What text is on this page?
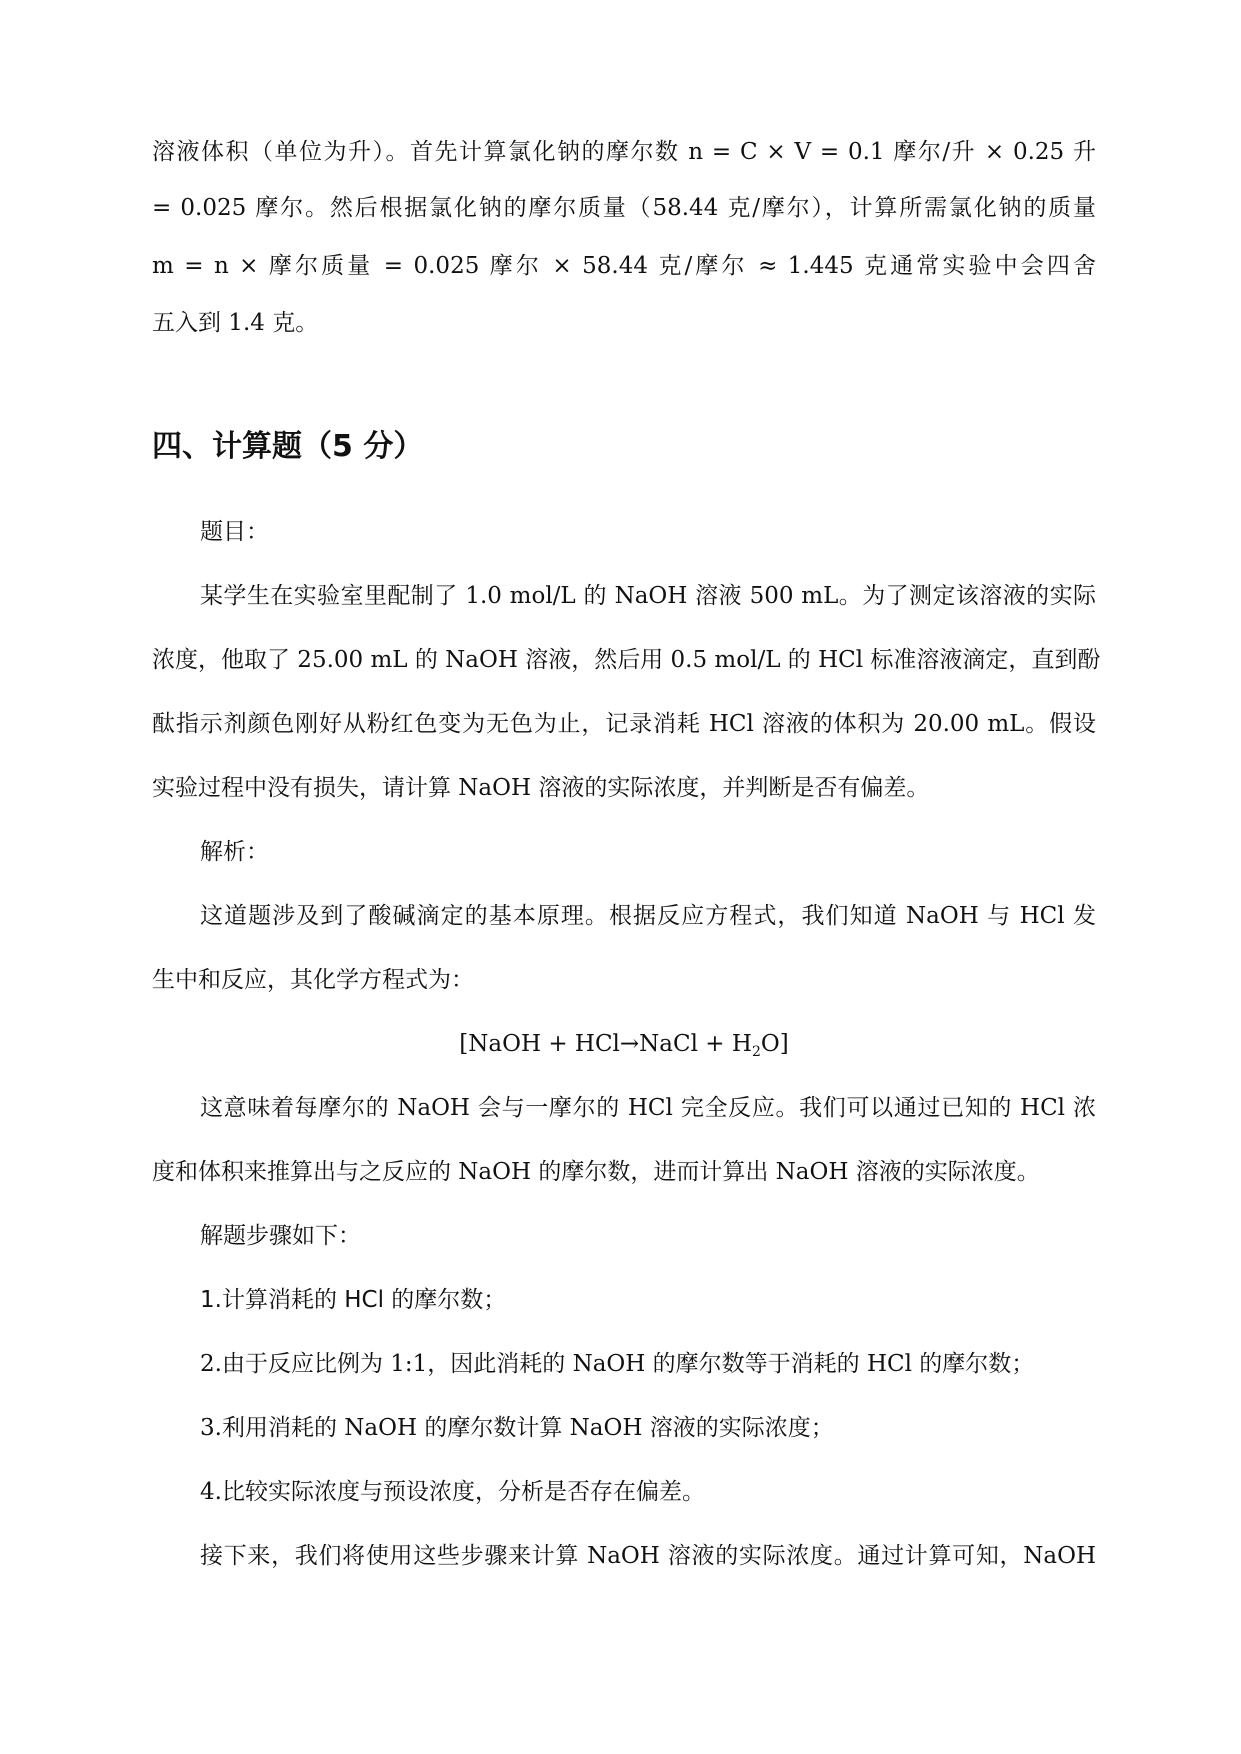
溶液体积（单位为升）。首先计算氯化钠的摩尔数 n = C × V = 0.1 摩尔/升 × 0.25 升
= 0.025 摩尔。然后根据氯化钠的摩尔质量（58.44 克/摩尔），计算所需氯化钠的质量
m = n × 摩尔质量 = 0.025 摩尔 × 58.44 克/摩尔 ≈ 1.445 克通常实验中会四舍
五入到 1.4 克。
四、计算题（5 分）
题目：
某学生在实验室里配制了 1.0 mol/L 的 NaOH 溶液 500 mL。为了测定该溶液的实际
浓度，他取了 25.00 mL 的 NaOH 溶液，然后用 0.5 mol/L 的 HCl 标准溶液滴定，直到酚
酞指示剂颜色刚好从粉红色变为无色为止，记录消耗 HCl 溶液的体积为 20.00 mL。假设
实验过程中没有损失，请计算 NaOH 溶液的实际浓度，并判断是否有偏差。
解析：
这道题涉及到了酸碱滴定的基本原理。根据反应方程式，我们知道 NaOH 与 HCl 发
生中和反应，其化学方程式为：
[NaOH + HCl→NaCl + $H_2O$]
这意味着每摩尔的 NaOH 会与一摩尔的 HCl 完全反应。我们可以通过已知的 HCl 浓
度和体积来推算出与之反应的 NaOH 的摩尔数，进而计算出 NaOH 溶液的实际浓度。
解题步骤如下：
1.计算消耗的 HCl 的摩尔数；
2.由于反应比例为 1:1，因此消耗的 NaOH 的摩尔数等于消耗的 HCl 的摩尔数；
3.利用消耗的 NaOH 的摩尔数计算 NaOH 溶液的实际浓度；
4.比较实际浓度与预设浓度，分析是否存在偏差。
接下来，我们将使用这些步骤来计算 NaOH 溶液的实际浓度。通过计算可知，NaOH
